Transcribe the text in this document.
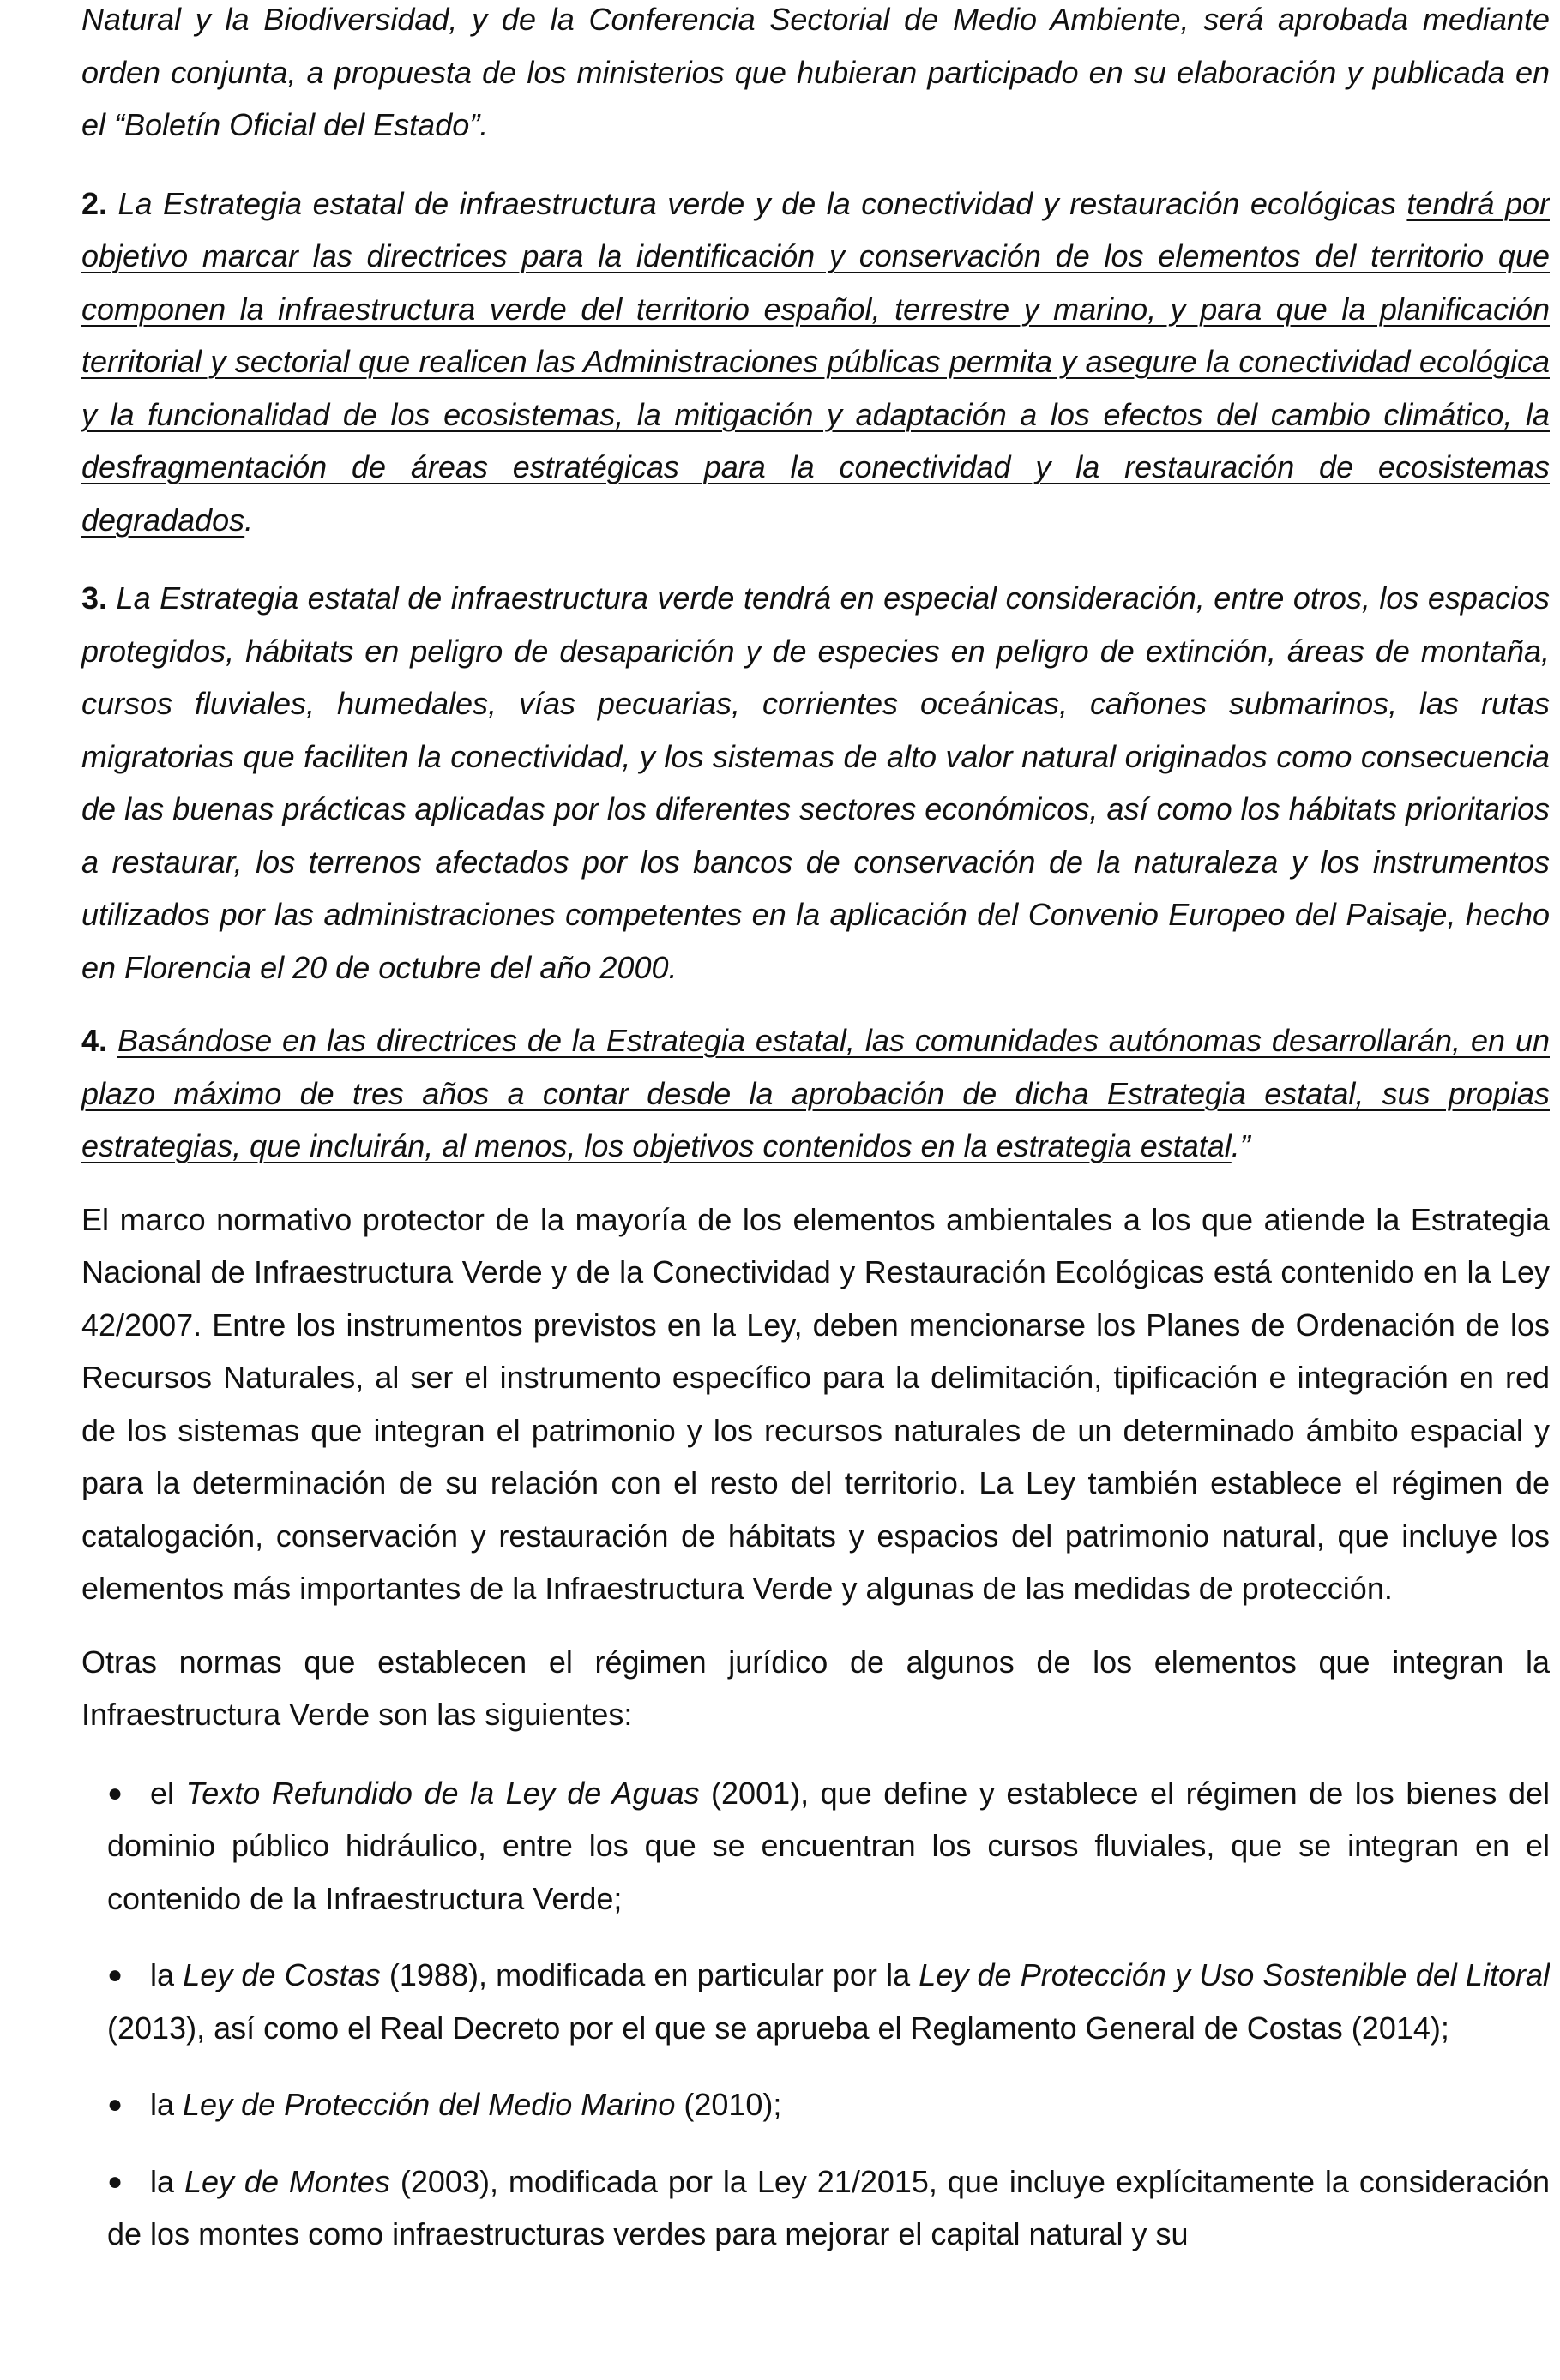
Natural y la Biodiversidad, y de la Conferencia Sectorial de Medio Ambiente, será aprobada mediante orden conjunta, a propuesta de los ministerios que hubieran participado en su elaboración y publicada en el “Boletín Oficial del Estado”.

2. La Estrategia estatal de infraestructura verde y de la conectividad y restauración ecológicas tendrá por objetivo marcar las directrices para la identificación y conservación de los elementos del territorio que componen la infraestructura verde del territorio español, terrestre y marino, y para que la planificación territorial y sectorial que realicen las Administraciones públicas permita y asegure la conectividad ecológica y la funcionalidad de los ecosistemas, la mitigación y adaptación a los efectos del cambio climático, la desfragmentación de áreas estratégicas para la conectividad y la restauración de ecosistemas degradados.

3. La Estrategia estatal de infraestructura verde tendrá en especial consideración, entre otros, los espacios protegidos, hábitats en peligro de desaparición y de especies en peligro de extinción, áreas de montaña, cursos fluviales, humedales, vías pecuarias, corrientes oceánicas, cañones submarinos, las rutas migratorias que faciliten la conectividad, y los sistemas de alto valor natural originados como consecuencia de las buenas prácticas aplicadas por los diferentes sectores económicos, así como los hábitats prioritarios a restaurar, los terrenos afectados por los bancos de conservación de la naturaleza y los instrumentos utilizados por las administraciones competentes en la aplicación del Convenio Europeo del Paisaje, hecho en Florencia el 20 de octubre del año 2000.

4. Basándose en las directrices de la Estrategia estatal, las comunidades autónomas desarrollarán, en un plazo máximo de tres años a contar desde la aprobación de dicha Estrategia estatal, sus propias estrategias, que incluirán, al menos, los objetivos contenidos en la estrategia estatal.”

El marco normativo protector de la mayoría de los elementos ambientales a los que atiende la Estrategia Nacional de Infraestructura Verde y de la Conectividad y Restauración Ecológicas está contenido en la Ley 42/2007. Entre los instrumentos previstos en la Ley, deben mencionarse los Planes de Ordenación de los Recursos Naturales, al ser el instrumento específico para la delimitación, tipificación e integración en red de los sistemas que integran el patrimonio y los recursos naturales de un determinado ámbito espacial y para la determinación de su relación con el resto del territorio. La Ley también establece el régimen de catalogación, conservación y restauración de hábitats y espacios del patrimonio natural, que incluye los elementos más importantes de la Infraestructura Verde y algunas de las medidas de protección.

Otras normas que establecen el régimen jurídico de algunos de los elementos que integran la Infraestructura Verde son las siguientes:

● el Texto Refundido de la Ley de Aguas (2001), que define y establece el régimen de los bienes del dominio público hidráulico, entre los que se encuentran los cursos fluviales, que se integran en el contenido de la Infraestructura Verde;
● la Ley de Costas (1988), modificada en particular por la Ley de Protección y Uso Sostenible del Litoral (2013), así como el Real Decreto por el que se aprueba el Reglamento General de Costas (2014);
● la Ley de Protección del Medio Marino (2010);
● la Ley de Montes (2003), modificada por la Ley 21/2015, que incluye explícitamente la consideración de los montes como infraestructuras verdes para mejorar el capital natural y su
